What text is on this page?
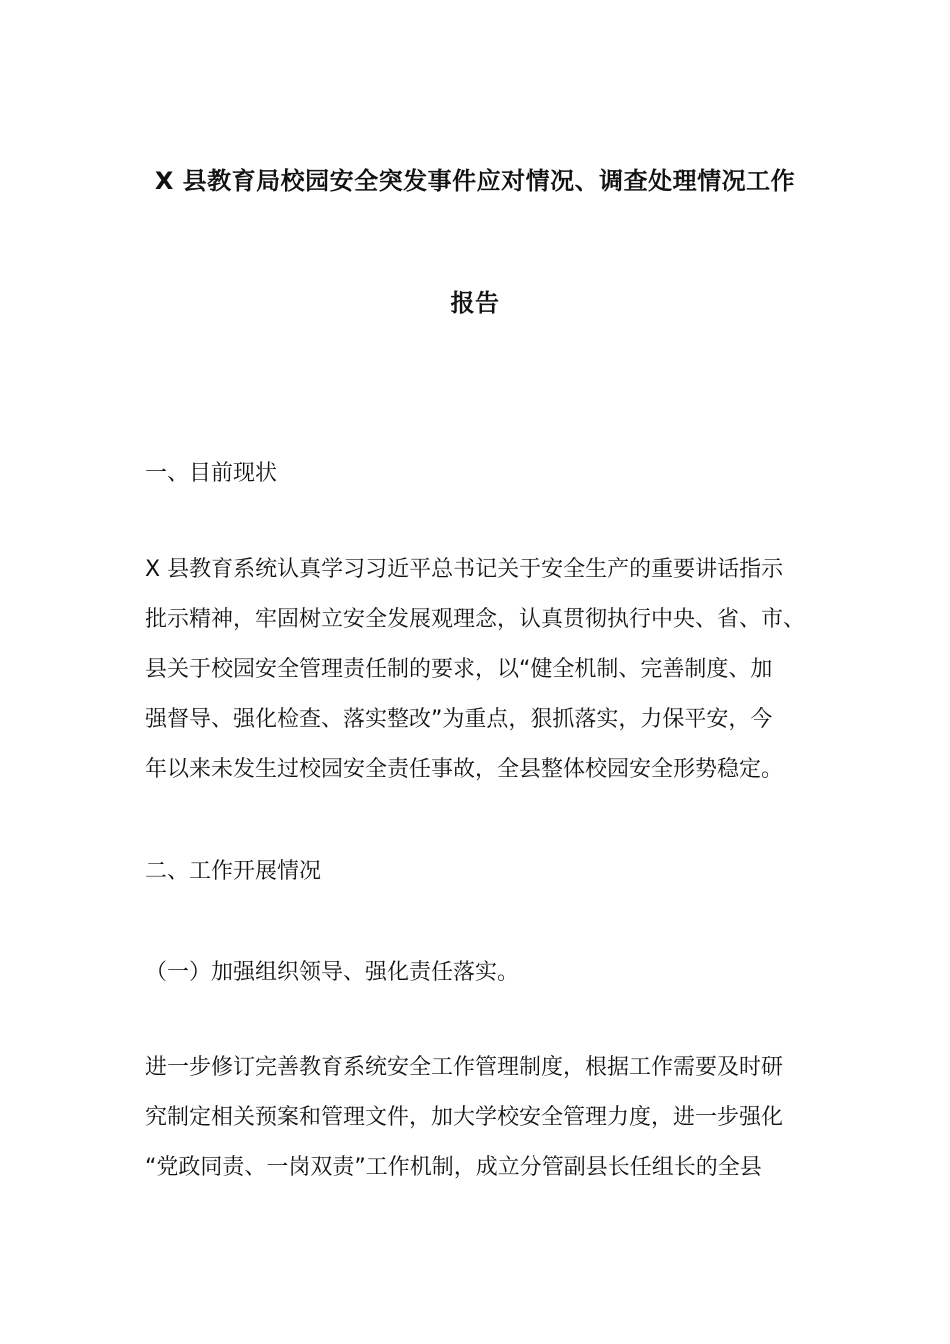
X 县教育局校园安全突发事件应对情况、调查处理情况工作
报告
一、目前现状
X 县教育系统认真学习习近平总书记关于安全生产的重要讲话指示
批示精神，牢固树立安全发展观理念，认真贯彻执行中央、省、市、
县关于校园安全管理责任制的要求，以“健全机制、完善制度、加
强督导、强化检查、落实整改”为重点，狠抓落实，力保平安，今
年以来未发生过校园安全责任事故，全县整体校园安全形势稳定。
二、工作开展情况
（一）加强组织领导、强化责任落实。
进一步修订完善教育系统安全工作管理制度，根据工作需要及时研
究制定相关预案和管理文件，加大学校安全管理力度，进一步强化
“党政同责、一岗双责”工作机制，成立分管副县长任组长的全县
